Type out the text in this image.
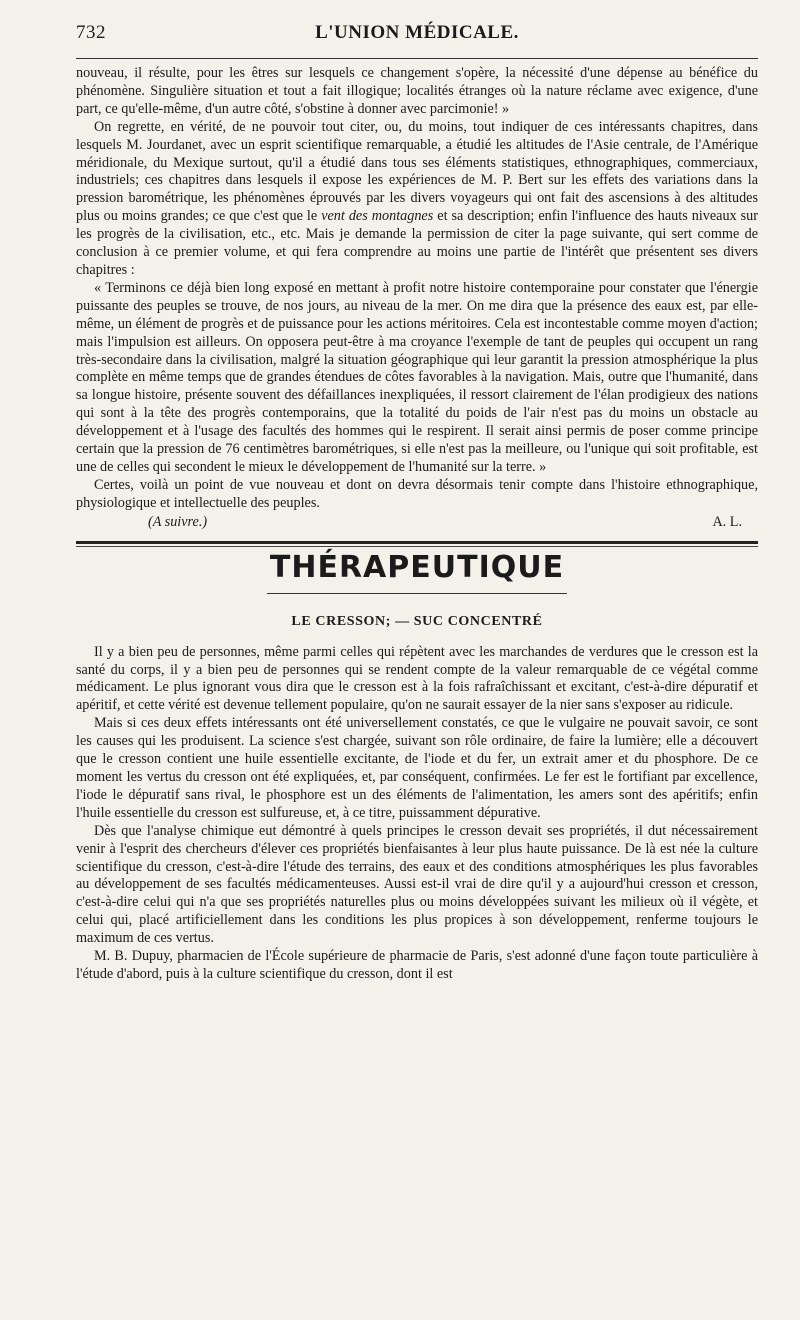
732	L'UNION MÉDICALE.

nouveau, il résulte, pour les êtres sur lesquels ce changement s'opère, la nécessité d'une dépense au bénéfice du phénomène. Singulière situation et tout a fait illogique; localités étranges où la nature réclame avec exigence, d'une part, ce qu'elle-même, d'un autre côté, s'obstine à donner avec parcimonie! »

On regrette, en vérité, de ne pouvoir tout citer, ou, du moins, tout indiquer de ces intéressants chapitres, dans lesquels M. Jourdanet, avec un esprit scientifique remarquable, a étudié les altitudes de l'Asie centrale, de l'Amérique méridionale, du Mexique surtout, qu'il a étudié dans tous ses éléments statistiques, ethnographiques, commerciaux, industriels; ces chapitres dans lesquels il expose les expériences de M. P. Bert sur les effets des variations dans la pression barométrique, les phénomènes éprouvés par les divers voyageurs qui ont fait des ascensions à des altitudes plus ou moins grandes; ce que c'est que le vent des montagnes et sa description; enfin l'influence des hauts niveaux sur les progrès de la civilisation, etc., etc. Mais je demande la permission de citer la page suivante, qui sert comme de conclusion à ce premier volume, et qui fera comprendre au moins une partie de l'intérêt que présentent ses divers chapitres :

« Terminons ce déjà bien long exposé en mettant à profit notre histoire contemporaine pour constater que l'énergie puissante des peuples se trouve, de nos jours, au niveau de la mer. On me dira que la présence des eaux est, par elle-même, un élément de progrès et de puissance pour les actions méritoires. Cela est incontestable comme moyen d'action; mais l'impulsion est ailleurs. On opposera peut-être à ma croyance l'exemple de tant de peuples qui occupent un rang très-secondaire dans la civilisation, malgré la situation géographique qui leur garantit la pression atmosphérique la plus complète en même temps que de grandes étendues de côtes favorables à la navigation. Mais, outre que l'humanité, dans sa longue histoire, présente souvent des défaillances inexpliquées, il ressort clairement de l'élan prodigieux des nations qui sont à la tête des progrès contemporains, que la totalité du poids de l'air n'est pas du moins un obstacle au développement et à l'usage des facultés des hommes qui le respirent. Il serait ainsi permis de poser comme principe certain que la pression de 76 centimètres barométriques, si elle n'est pas la meilleure, ou l'unique qui soit profitable, est une de celles qui secondent le mieux le développement de l'humanité sur la terre. »

Certes, voilà un point de vue nouveau et dont on devra désormais tenir compte dans l'histoire ethnographique, physiologique et intellectuelle des peuples.

(A suivre.)	A. L.
THÉRAPEUTIQUE
LE CRESSON; — SUC CONCENTRÉ

Il y a bien peu de personnes, même parmi celles qui répètent avec les marchandes de verdures que le cresson est la santé du corps, il y a bien peu de personnes qui se rendent compte de la valeur remarquable de ce végétal comme médicament. Le plus ignorant vous dira que le cresson est à la fois rafraîchissant et excitant, c'est-à-dire dépuratif et apéritif, et cette vérité est devenue tellement populaire, qu'on ne saurait essayer de la nier sans s'exposer au ridicule.

Mais si ces deux effets intéressants ont été universellement constatés, ce que le vulgaire ne pouvait savoir, ce sont les causes qui les produisent. La science s'est chargée, suivant son rôle ordinaire, de faire la lumière; elle a découvert que le cresson contient une huile essentielle excitante, de l'iode et du fer, un extrait amer et du phosphore. De ce moment les vertus du cresson ont été expliquées, et, par conséquent, confirmées. Le fer est le fortifiant par excellence, l'iode le dépuratif sans rival, le phosphore est un des éléments de l'alimentation, les amers sont des apéritifs; enfin l'huile essentielle du cresson est sulfureuse, et, à ce titre, puissamment dépurative.

Dès que l'analyse chimique eut démontré à quels principes le cresson devait ses propriétés, il dut nécessairement venir à l'esprit des chercheurs d'élever ces propriétés bienfaisantes à leur plus haute puissance. De là est née la culture scientifique du cresson, c'est-à-dire l'étude des terrains, des eaux et des conditions atmosphériques les plus favorables au développement de ses facultés médicamenteuses. Aussi est-il vrai de dire qu'il y a aujourd'hui cresson et cresson, c'est-à-dire celui qui n'a que ses propriétés naturelles plus ou moins développées suivant les milieux où il végète, et celui qui, placé artificiellement dans les conditions les plus propices à son développement, renferme toujours le maximum de ces vertus.

M. B. Dupuy, pharmacien de l'École supérieure de pharmacie de Paris, s'est adonné d'une façon toute particulière à l'étude d'abord, puis à la culture scientifique du cresson, dont il est
